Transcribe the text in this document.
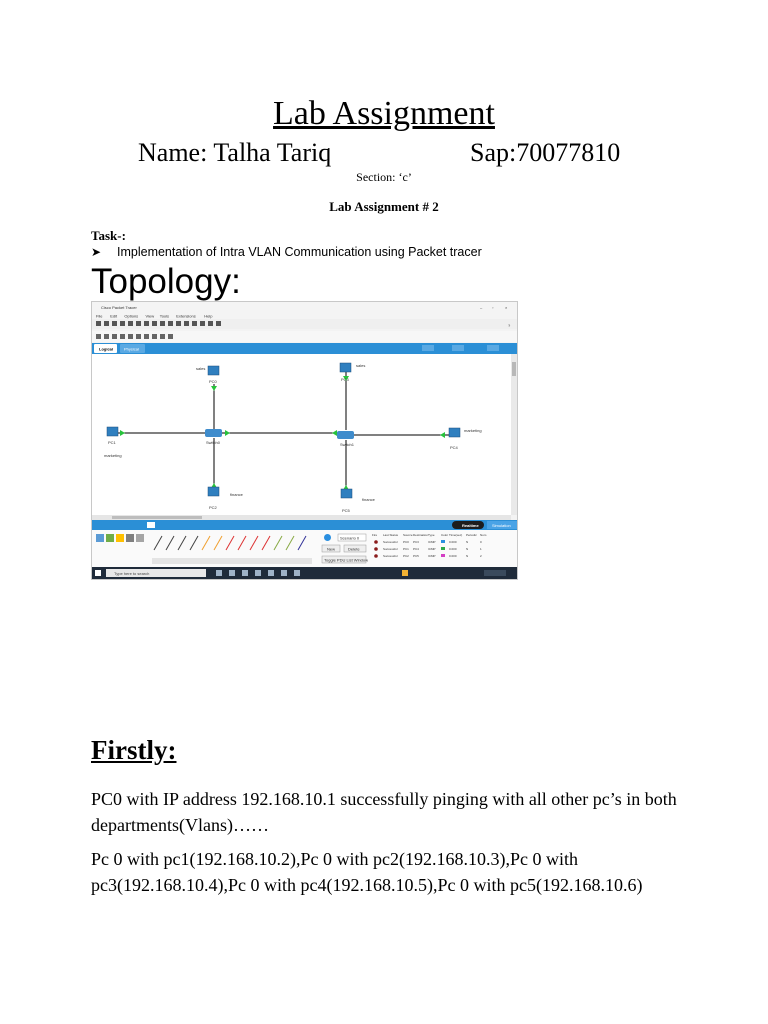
Lab Assignment
Name: Talha Tariq	Sap:70077810
Section: ‘c’
Lab Assignment # 2
Task-:
➤ Implementation of Intra VLAN Communication using Packet tracer
Topology:
Cisco Packet Tracer	– ▫	×
File Edit Options View Tools Extensions Help
?
Logical	Physical
Switch0	Switch1
PC0
PC1
PC2
PC3
PC4
PC5
sales
sales
marketing
marketing
finance
finance
Realtime	Simulation
Scenario 0
New	Delete
Toggle PDU List Window
Fire Last Status Source Destination Type Color Time(sec) Periodic Num
Successful PC0 PC3	ICMP	0.000	N	0
Successful PC1 PC4	ICMP	0.000	N	1
Successful PC2 PC5	ICMP	0.000	N	2
Type here to search
Firstly:
PC0 with IP address 192.168.10.1 successfully pinging with all other pc’s in both departments(Vlans)……
Pc 0 with pc1(192.168.10.2),Pc 0 with pc2(192.168.10.3),Pc 0 with pc3(192.168.10.4),Pc 0 with pc4(192.168.10.5),Pc 0 with pc5(192.168.10.6)
